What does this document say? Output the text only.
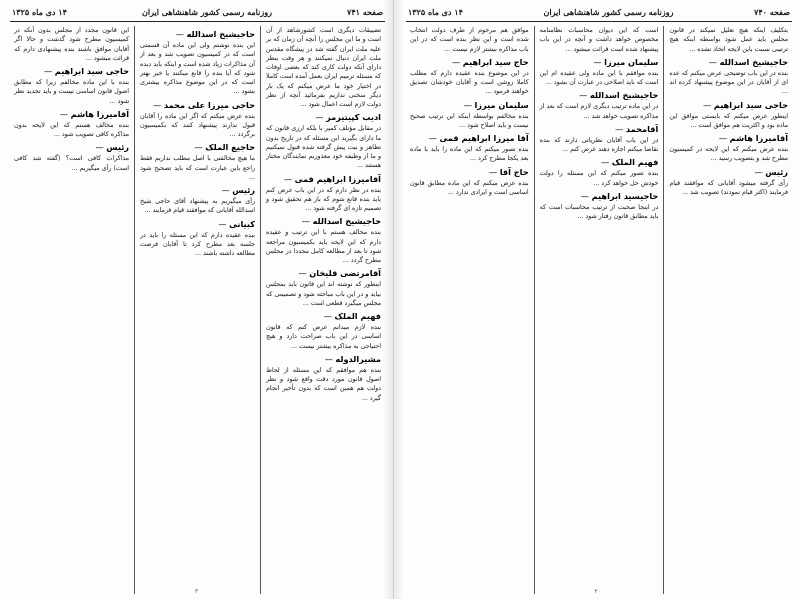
صفحه ۷۴۱
روزنامه رسمی کشور شاهنشاهی ایران
۱۴ دی ماه ۱۳۲۵

تضییقات دیگری است کشورشاهد از آن است و ما این مجلس را آنچه آن زمان که بر علیه ملت ایران گفته شد در پیشگاه مقدس ملت ایران دنبال نمیکنند و هر وقت بنظر دارای آنکه دولت کاری کند که بعضی اوقات که مسئله ترمیم ایران بعمل آمده است کاملا در اختیار خود ما عرض میکنم که یک بار دیگر سخنی نداریم بفرمائید آنچه از نظر دولت لازم است اعمال شود ...

ادیب کپیتیرمر —

در مقابل مؤتلف کمیر با بلکه ارزی قانون که ما دارای بگیرید این مسئله که در تاریخ بدون تظاهر و نیت پیش گرفته شده قبول نمیکنیم و ما از وظیفه خود معذوریم نمایندگان مختار هستند ...

آقامیرزا ابراهیم قمی —

بنده در نظر دارم که در این باب عرض کنم باید بنده قانع شوم که باز هم تحقیق شود و تصمیم تازه ای گرفته شود ...

حاجیشیخ اسدالله —

بنده مخالف هستم با این ترتیب و عقیده دارم که این لایحه باید بکمیسیون مراجعه شود تا بعد از مطالعه کامل مجددا در مجلس مطرح گردد ...

آقامرتضی قلیخان —

اینطور که نوشته اند این قانون باید بمجلس بیاید و در این باب مباحثه شود و تصمیمی که مجلس میگیرد قطعی است ...

فهیم الملک —

بنده لازم میدانم عرض کنم که قانون اساسی در این باب صراحت دارد و هیچ احتیاجی به مذاکره بیشتر نیست ...

مشیرالدوله —

بنده هم موافقم که این مسئله از لحاظ اصول قانون مورد دقت واقع شود و نظر دولت هم همین است که بدون تأخیر انجام گیرد ...

حاجیشیخ اسدالله —

این بنده نوشتم ولی این ماده آن قسمتی است که در کمیسیون تصویب شد و بعد از آن مذاکرات زیاد شده است و اینکه باید دیده شود که آیا بنده را قانع میکنند یا خیر بهتر است که در این موضوع مذاکره بیشتری بشود ...

حاجی میرزا علی محمد —

بنده عرض میکنم که اگر این ماده را آقایان قبول ندارند پیشنهاد کنند که بکمیسیون برگردد ...

حاجیع الملک —

ما هیچ مخالفتی با اصل مطلب نداریم فقط راجع باین عبارت است که باید تصحیح شود ...

رئیس —

رأی میگیریم به پیشنهاد آقای حاجی شیخ اسدالله آقایانی که موافقند قیام فرمایند ...

کبیانی —

بنده عقیده دارم که این مسئله را باید در جلسه بعد مطرح کرد تا آقایان فرصت مطالعه داشته باشند ...

این قانون مجدد از مجلس بدون آنکه در کمیسیون مطرح شود گذشت و حالا اگر آقایان موافق باشند بنده پیشنهادی دارم که قرائت میشود ...

حاجی سید ابراهیم —

بنده با این ماده مخالفم زیرا که مطابق اصول قانون اساسی نیست و باید تجدید نظر شود ...

آقامیرزا هاشم —

بنده مخالف هستم که این لایحه بدون مذاکره کافی تصویب شود ...

رئیس —

مذاکرات کافی است؟ (گفته شد کافی است) رأی میگیریم ...

۳
صفحه ۷۴۰
روزنامه رسمی کشور شاهنشاهی ایران
۱۴ دی ماه ۱۳۲۵

بتکلیف اینکه هیچ تعلیل نمیکند در قانون مجلس باید عمل شود بواسطه اینکه هیچ ترتیبی نسبت باین لایحه اتخاذ نشده ...

حاجیشیخ اسدالله —

بنده در این باب توضیحی عرض میکنم که عده ای از آقایان در این موضوع پیشنهاد کرده اند ...

حاجی سید ابراهیم —

اینطور عرض میکنم که بایستی موافق این ماده بود و اکثریت هم موافق است ...

آقامیرزا هاشم —

بنده عرض میکنم که این لایحه در کمیسیون مطرح شد و بتصویب رسید ...

رئیس —

رأی گرفته میشود آقایانی که موافقند قیام فرمایند (اکثر قیام نمودند) تصویب شد ...

است که این دیوان محاسبات نظامنامه مخصوص خواهد داشت و آنچه در این باب پیشنهاد شده است قرائت میشود ...

سلیمان میرزا —

بنده موافقم با این ماده ولی عقیده ام این است که باید اصلاحی در عبارت آن بشود ...

حاجیشیخ اسدالله —

در این ماده ترتیب دیگری لازم است که بعد از مذاکره تصویب خواهد شد ...

آقامحمد —

در این باب آقایان نظریاتی دارند که بنده تقاضا میکنم اجازه دهند عرض کنم ...

فهیم الملک —

بنده تصور میکنم که این مسئله را دولت خودش حل خواهد کرد ...

حاجیسید ابراهیم —

در اینجا صحبت از ترتیب محاسبات است که باید مطابق قانون رفتار شود ...

موافق هم مرحوم از طرف دولت انتخاب شده است و این نظر بنده است که در این باب مذاکره بیشتر لازم نیست ...

حاج سید ابراهیم —

در این موضوع بنده عقیده دارم که مطلب کاملا روشن است و آقایان خودشان تصدیق خواهند فرمود ...

سلیمان میرزا —

بنده مخالفم بواسطه اینکه این ترتیب صحیح نیست و باید اصلاح شود ...

آقا میرزا ابراهیم قمی —

بنده تصور میکنم که این ماده را باید با ماده بعد یکجا مطرح کرد ...

حاج آقا —

بنده عرض میکنم که این ماده مطابق قانون اساسی است و ایرادی ندارد ...

۲
